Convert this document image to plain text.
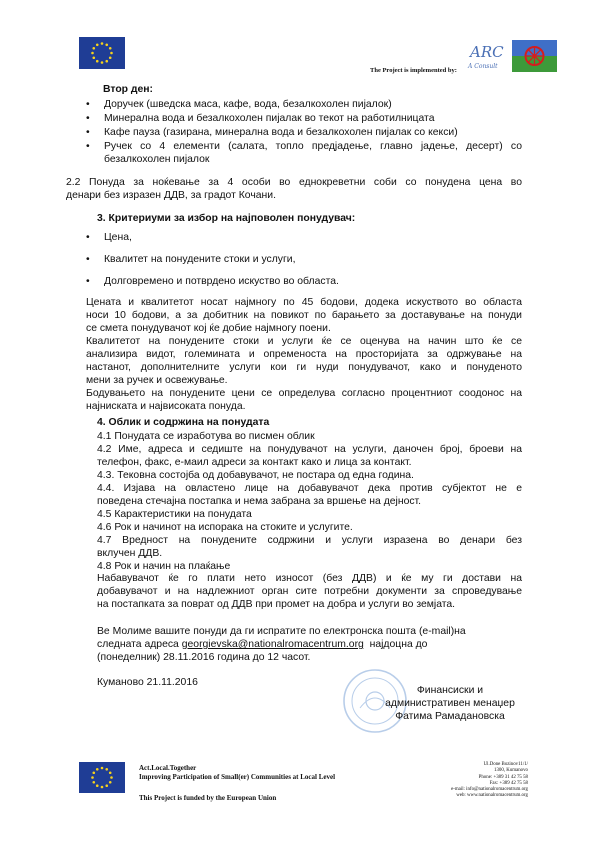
The Project is implemented by:
ARC
A Consult
Втор ден:
• Доручек (шведска маса, кафе, вода, безалкохолен пијалок)
• Минерална вода и безалкохолен пијалак во текот на работилницата
• Кафе пауза (газирана, минерална вода и безалкохолен пијалак со кекси)
• Ручек со 4 елементи (салата, топло предјадење, главно јадење, десерт) со
безалкохолен пијалок
2.2 Понуда за ноќевање за 4 особи во еднокреветни соби со понудена цена во
денари без изразен ДДВ, за градот Кочани.
3. Критериуми за избор на најповолен понудувач:
• Цена,
• Квалитет на понудените стоки и услуги,
• Долговремено и потврдено искуство во областа.
Цената и квалитетот носат најмногу по 45 бодови, додека искуството во областа
носи 10 бодови, а за добитник на повикот по барањето за доставување на понуди
се смета понудувачот кој ќе добие најмногу поени.
Квалитетот на понудените стоки и услуги ќе се оценува на начин што ќе се
анализира видот, големината и опременоста на просторијата за одржување на
настанот, дополнителните услуги кои ги нуди понудувачот, како и понуденото
мени за ручек и освежување.
Бодувањето на понудените цени се определува согласно процентниот соодонос на
најниската и највисоката понуда.
4. Облик и содржина на понудата
4.1 Понудата се изработува во писмен облик
4.2 Име, адреса и седиште на понудувачот на услуги, даночен број, броеви на
телефон, факс, е-маил адреси за контакт како и лица за контакт.
4.3. Тековна состојба од добавувачот, не постара од една година.
4.4. Изјава на овластено лице на добавувачот дека против субјектот не е
поведена стечајна постапка и нема забрана за вршење на дејност.
4.5 Карактеристики на понудата
4.6 Рок и начинот на испорака на стоките и услугите.
4.7 Вредност на понудените содржини и услуги изразена во денари без
вклучен ДДВ.
4.8 Рок и начин на плаќање
Набавувачот ќе го плати нето износот (без ДДВ) и ќе му ги достави на
добавувачот и на надлежниот орган сите потребни документи за спроведување
на постапката за поврат од ДДВ при промет на добра и услуги во земјата.
Ве Молиме вашите понуди да ги испратите по електронска пошта (e-mail)на
следната адреса georgievska@nationalromacentrum.org  најдоцна до
(понеделник) 28.11.2016 година до 12 часот.
Куманово 21.11.2016
Финансиски и
административен менаџер
Фатима Рамадановска
Act.Local.Together
Improving Participation of Small(er) Communities at Local Level
This Project is funded by the European Union
Ul.Done Bozinov11/1/
1300, Kumanovo
Phone: +389 31 42 75 58
Fax: +389 42 75 58
e-mail: info@nationalromacentrum.org
web: www.nationalromacentrum.org
